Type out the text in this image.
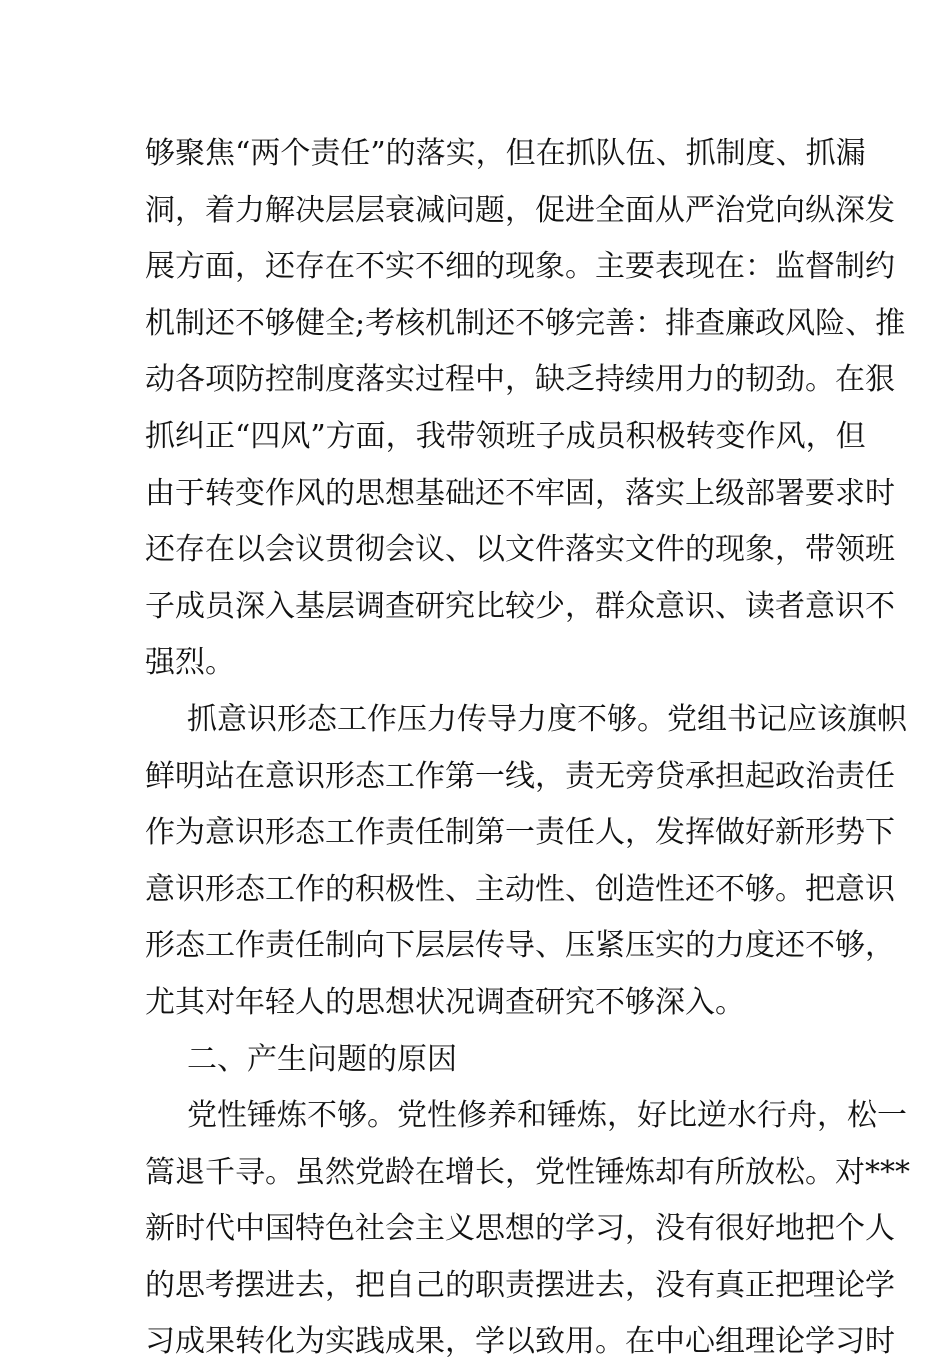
够聚焦“两个责任”的落实，但在抓队伍、抓制度、抓漏
洞，着力解决层层衰减问题，促进全面从严治党向纵深发
展方面，还存在不实不细的现象。主要表现在：监督制约
机制还不够健全;考核机制还不够完善：排查廉政风险、推
动各项防控制度落实过程中，缺乏持续用力的韧劲。在狠
抓纠正“四风”方面，我带领班子成员积极转变作风，但
由于转变作风的思想基础还不牢固，落实上级部署要求时
还存在以会议贯彻会议、以文件落实文件的现象，带领班
子成员深入基层调查研究比较少，群众意识、读者意识不
强烈。
抓意识形态工作压力传导力度不够。党组书记应该旗帜
鲜明站在意识形态工作第一线，责无旁贷承担起政治责任
作为意识形态工作责任制第一责任人，发挥做好新形势下
意识形态工作的积极性、主动性、创造性还不够。把意识
形态工作责任制向下层层传导、压紧压实的力度还不够，
尤其对年轻人的思想状况调查研究不够深入。
二、产生问题的原因
党性锤炼不够。党性修养和锤炼，好比逆水行舟，松一
篙退千寻。虽然党龄在增长，党性锤炼却有所放松。对***
新时代中国特色社会主义思想的学习，没有很好地把个人
的思考摆进去，把自己的职责摆进去，没有真正把理论学
习成果转化为实践成果，学以致用。在中心组理论学习时
